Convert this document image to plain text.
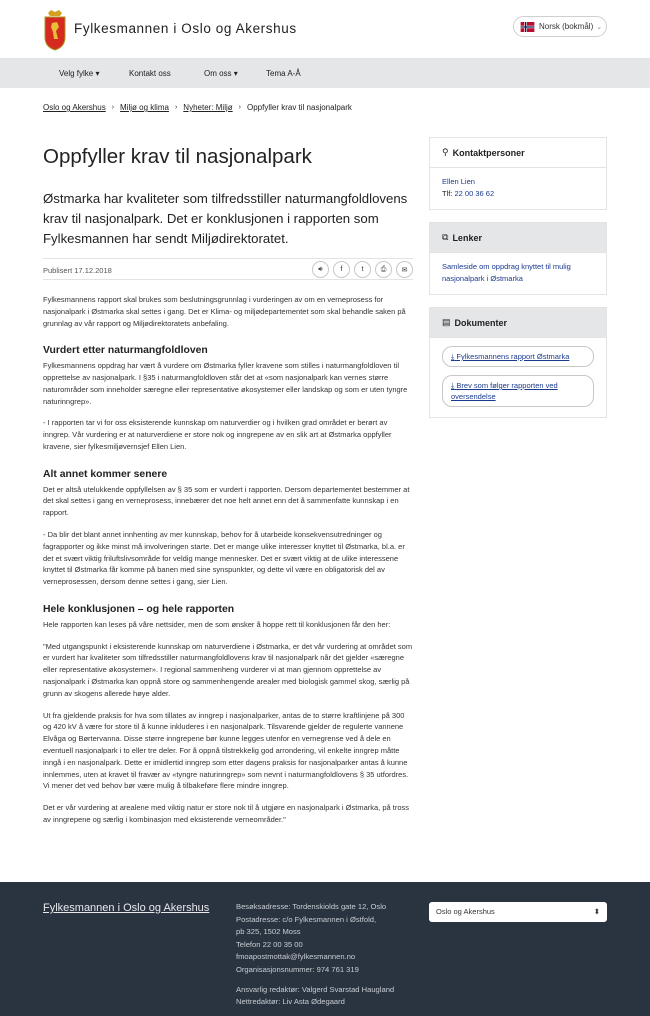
Fylkesmannen i Oslo og Akershus	Norsk (bokmål) ⌄
Velg fylke ▾	Kontakt oss	Om oss ▾	Tema A-Å
Oslo og Akershus › Miljø og klima › Nyheter: Miljø › Oppfyller krav til nasjonalpark
Oppfyller krav til nasjonalpark
Østmarka har kvaliteter som tilfredsstiller naturmangfoldlovens krav til nasjonalpark. Det er konklusjonen i rapporten som Fylkesmannen har sendt Miljødirektoratet.
Publisert 17.12.2018	🔊︎	f	t	⎙	✉︎

Fylkesmannens rapport skal brukes som beslutningsgrunnlag i vurderingen av om en verneprosess for nasjonalpark i Østmarka skal settes i gang. Det er Klima- og miljødepartementet som skal behandle saken på grunnlag av vår rapport og Miljødirektoratets anbefaling.

Vurdert etter naturmangfoldloven

Fylkesmannens oppdrag har vært å vurdere om Østmarka fyller kravene som stilles i naturmangfoldloven til opprettelse av nasjonalpark. I §35 i naturmangfoldloven står det at «som nasjonalpark kan vernes større naturområder som inneholder særegne eller representative økosystemer eller landskap og som er uten tyngre naturinngrep».

- I rapporten tar vi for oss eksisterende kunnskap om naturverdier og i hvilken grad området er berørt av inngrep. Vår vurdering er at naturverdiene er store nok og inngrepene av en slik art at Østmarka oppfyller kravene, sier fylkesmiljøvernsjef Ellen Lien.

Alt annet kommer senere

Det er altså utelukkende oppfyllelsen av § 35 som er vurdert i rapporten. Dersom departementet bestemmer at det skal settes i gang en verneprosess, innebærer det noe helt annet enn det å sammenfatte kunnskap i en rapport.

- Da blir det blant annet innhenting av mer kunnskap, behov for å utarbeide konsekvensutredninger og fagrapporter og ikke minst må involveringen starte. Det er mange ulike interesser knyttet til Østmarka, bl.a. er det et svært viktig friluftslivsområde for veldig mange mennesker. Det er svært viktig at de ulike interessene knyttet til Østmarka får komme på banen med sine synspunkter, og dette vil være en obligatorisk del av verneprosessen, dersom denne settes i gang, sier Lien.

Hele konklusjonen – og hele rapporten

Hele rapporten kan leses på våre nettsider, men de som ønsker å hoppe rett til konklusjonen får den her:

"Med utgangspunkt i eksisterende kunnskap om naturverdiene i Østmarka, er det vår vurdering at området som er vurdert har kvaliteter som tilfredsstiller naturmangfoldlovens krav til nasjonalpark når det gjelder «særegne eller representative økosystemer». I regional sammenheng vurderer vi at man gjennom opprettelse av nasjonalpark i Østmarka kan oppnå store og sammenhengende arealer med biologisk gammel skog, særlig på grunn av skogens allerede høye alder.

Ut fra gjeldende praksis for hva som tillates av inngrep i nasjonalparker, antas de to større kraftlinjene på 300 og 420 kV å være for store til å kunne inkluderes i en nasjonalpark. Tilsvarende gjelder de regulerte vannene Elvåga og Børtervanna. Disse større inngrepene bør kunne legges utenfor en vernegrense ved å dele en eventuell nasjonalpark i to eller tre deler. For å oppnå tilstrekkelig god arrondering, vil enkelte inngrep måtte inngå i en nasjonalpark. Dette er imidlertid inngrep som etter dagens praksis for nasjonalparker antas å kunne innlemmes, uten at kravet til fravær av «tyngre naturinngrep» som nevnt i naturmangfoldlovens § 35 utfordres. Vi mener det ved behov bør være mulig å tilbakeføre flere mindre inngrep.

Det er vår vurdering at arealene med viktig natur er store nok til å utgjøre en nasjonalpark i Østmarka, på tross av inngrepene og særlig i kombinasjon med eksisterende verneområder."

⚲ Kontaktpersoner
Ellen Lien
Tlf: 22 00 36 62
⧉ Lenker
Samleside om oppdrag knyttet til mulig nasjonalpark i Østmarka
▤ Dokumenter
⤓ Fylkesmannens rapport Østmarka
⤓ Brev som følger rapporten ved oversendelse
Fylkesmannen i Oslo og Akershus	Besøksadresse: Tordenskiolds gate 12, Oslo
Postadresse: c/o Fylkesmannen i Østfold,
pb 325, 1502 Moss
Telefon 22 00 35 00
fmoapostmottak@fylkesmannen.no
Organisasjonsnummer: 974 761 319
Ansvarlig redaktør: Valgerd Svarstad Haugland
Nettredaktør: Liv Asta Ødegaard
Oslo og Akershus	⬍
